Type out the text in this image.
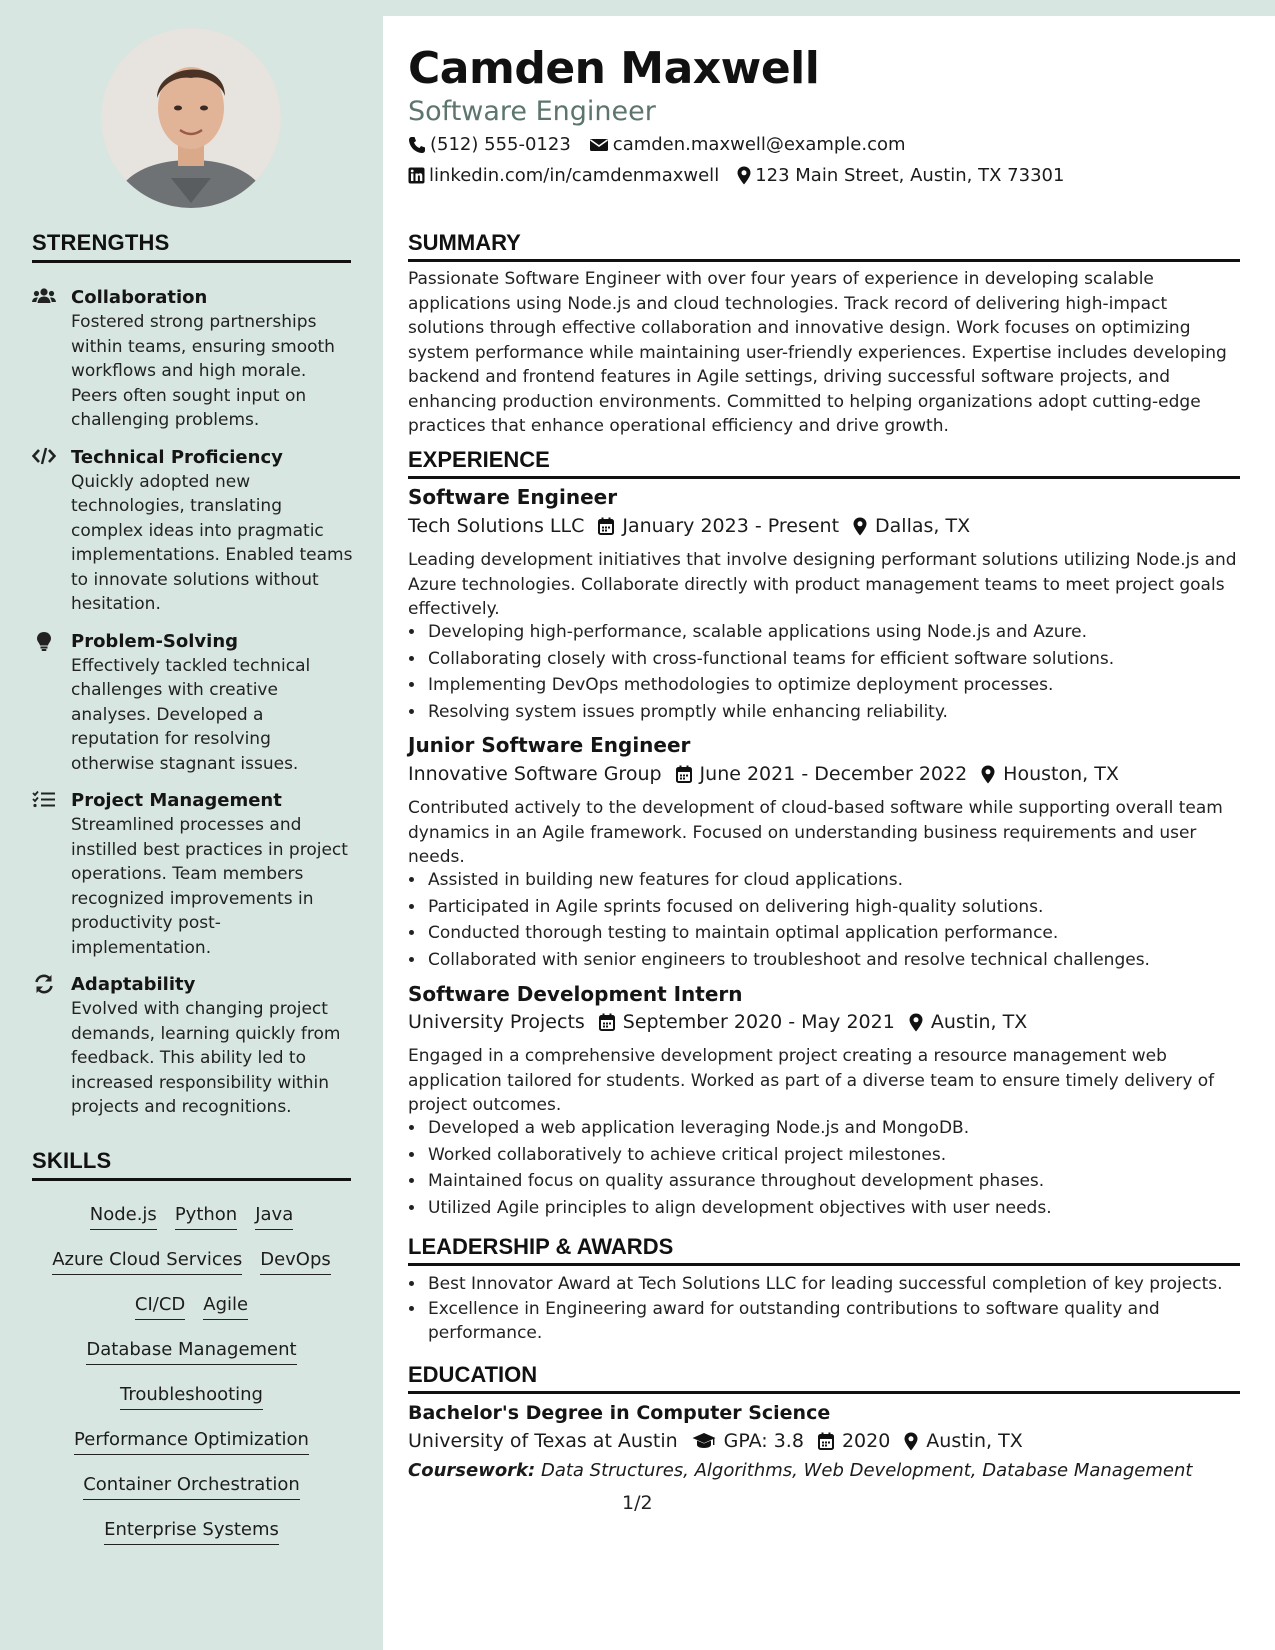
STRENGTHS
Collaboration
Fostered strong partnerships within teams, ensuring smooth workflows and high morale. Peers often sought input on challenging problems.
Technical Proficiency
Quickly adopted new technologies, translating complex ideas into pragmatic implementations. Enabled teams to innovate solutions without hesitation.
Problem-Solving
Effectively tackled technical challenges with creative analyses. Developed a reputation for resolving otherwise stagnant issues.
Project Management
Streamlined processes and instilled best practices in project operations. Team members recognized improvements in productivity post-implementation.
Adaptability
Evolved with changing project demands, learning quickly from feedback. This ability led to increased responsibility within projects and recognitions.
SKILLS
Node.js Python Java
Azure Cloud Services DevOps
CI/CD Agile
Database Management
Troubleshooting
Performance Optimization
Container Orchestration
Enterprise Systems
Camden Maxwell
Software Engineer
(512) 555-0123 camden.maxwell@example.com
linkedin.com/in/camdenmaxwell 123 Main Street, Austin, TX 73301
SUMMARY
Passionate Software Engineer with over four years of experience in developing scalable applications using Node.js and cloud technologies. Track record of delivering high-impact solutions through effective collaboration and innovative design. Work focuses on optimizing system performance while maintaining user-friendly experiences. Expertise includes developing backend and frontend features in Agile settings, driving successful software projects, and enhancing production environments. Committed to helping organizations adopt cutting-edge practices that enhance operational efficiency and drive growth.
EXPERIENCE
Software Engineer
Tech Solutions LLC January 2023 - Present Dallas, TX
Leading development initiatives that involve designing performant solutions utilizing Node.js and Azure technologies. Collaborate directly with product management teams to meet project goals effectively.
• Developing high-performance, scalable applications using Node.js and Azure.
• Collaborating closely with cross-functional teams for efficient software solutions.
• Implementing DevOps methodologies to optimize deployment processes.
• Resolving system issues promptly while enhancing reliability.
Junior Software Engineer
Innovative Software Group June 2021 - December 2022 Houston, TX
Contributed actively to the development of cloud-based software while supporting overall team dynamics in an Agile framework. Focused on understanding business requirements and user needs.
• Assisted in building new features for cloud applications.
• Participated in Agile sprints focused on delivering high-quality solutions.
• Conducted thorough testing to maintain optimal application performance.
• Collaborated with senior engineers to troubleshoot and resolve technical challenges.
Software Development Intern
University Projects September 2020 - May 2021 Austin, TX
Engaged in a comprehensive development project creating a resource management web application tailored for students. Worked as part of a diverse team to ensure timely delivery of project outcomes.
• Developed a web application leveraging Node.js and MongoDB.
• Worked collaboratively to achieve critical project milestones.
• Maintained focus on quality assurance throughout development phases.
• Utilized Agile principles to align development objectives with user needs.
LEADERSHIP & AWARDS
• Best Innovator Award at Tech Solutions LLC for leading successful completion of key projects.
• Excellence in Engineering award for outstanding contributions to software quality and performance.
EDUCATION
Bachelor's Degree in Computer Science
University of Texas at Austin GPA: 3.8 2020 Austin, TX
Coursework: Data Structures, Algorithms, Web Development, Database Management
1/2
